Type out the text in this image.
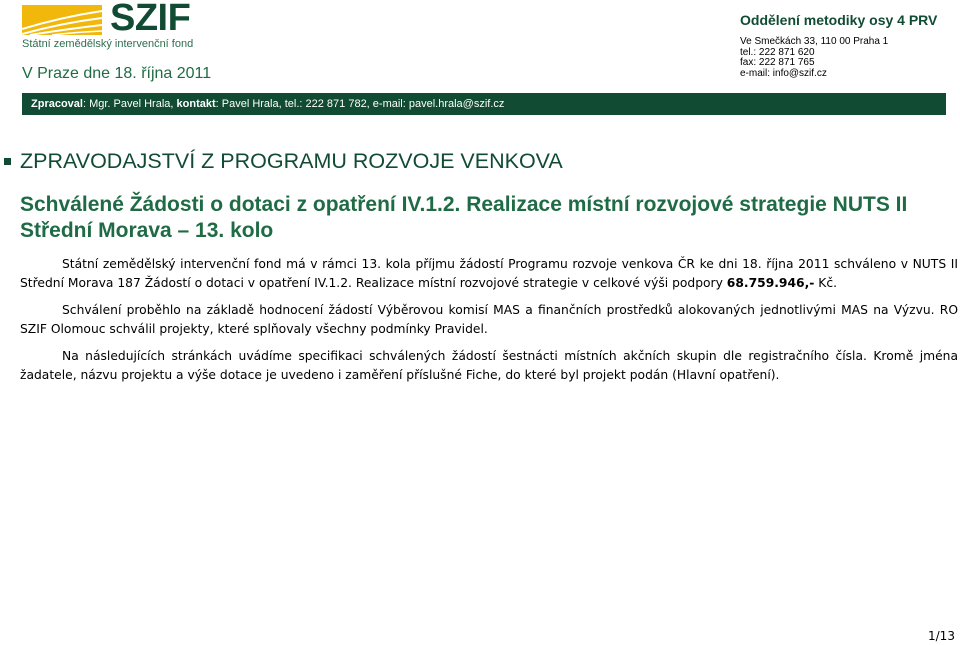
SZIF
Státní zemědělský intervenční fond
V Praze dne 18. října 2011
Oddělení metodiky osy 4 PRV
Ve Smečkách 33, 110 00 Praha 1
tel.: 222 871 620
fax: 222 871 765
e-mail: info@szif.cz
Zpracoval: Mgr. Pavel Hrala, kontakt: Pavel Hrala, tel.: 222 871 782, e-mail: pavel.hrala@szif.cz
ZPRAVODAJSTVÍ Z PROGRAMU ROZVOJE VENKOVA
Schválené Žádosti o dotaci z opatření IV.1.2. Realizace místní rozvojové strategie NUTS II Střední Morava – 13. kolo
Státní zemědělský intervenční fond má v rámci 13. kola příjmu žádostí Programu rozvoje venkova ČR ke dni 18. října 2011 schváleno v NUTS II Střední Morava 187 Žádostí o dotaci v opatření IV.1.2. Realizace místní rozvojové strategie v celkové výši podpory 68.759.946,- Kč.
Schválení proběhlo na základě hodnocení žádostí Výběrovou komisí MAS a finančních prostředků alokovaných jednotlivými MAS na Výzvu. RO SZIF Olomouc schválil projekty, které splňovaly všechny podmínky Pravidel.
Na následujících stránkách uvádíme specifikaci schválených žádostí šestnácti místních akčních skupin dle registračního čísla. Kromě jména žadatele, názvu projektu a výše dotace je uvedeno i zaměření příslušné Fiche, do které byl projekt podán (Hlavní opatření).
1/13
